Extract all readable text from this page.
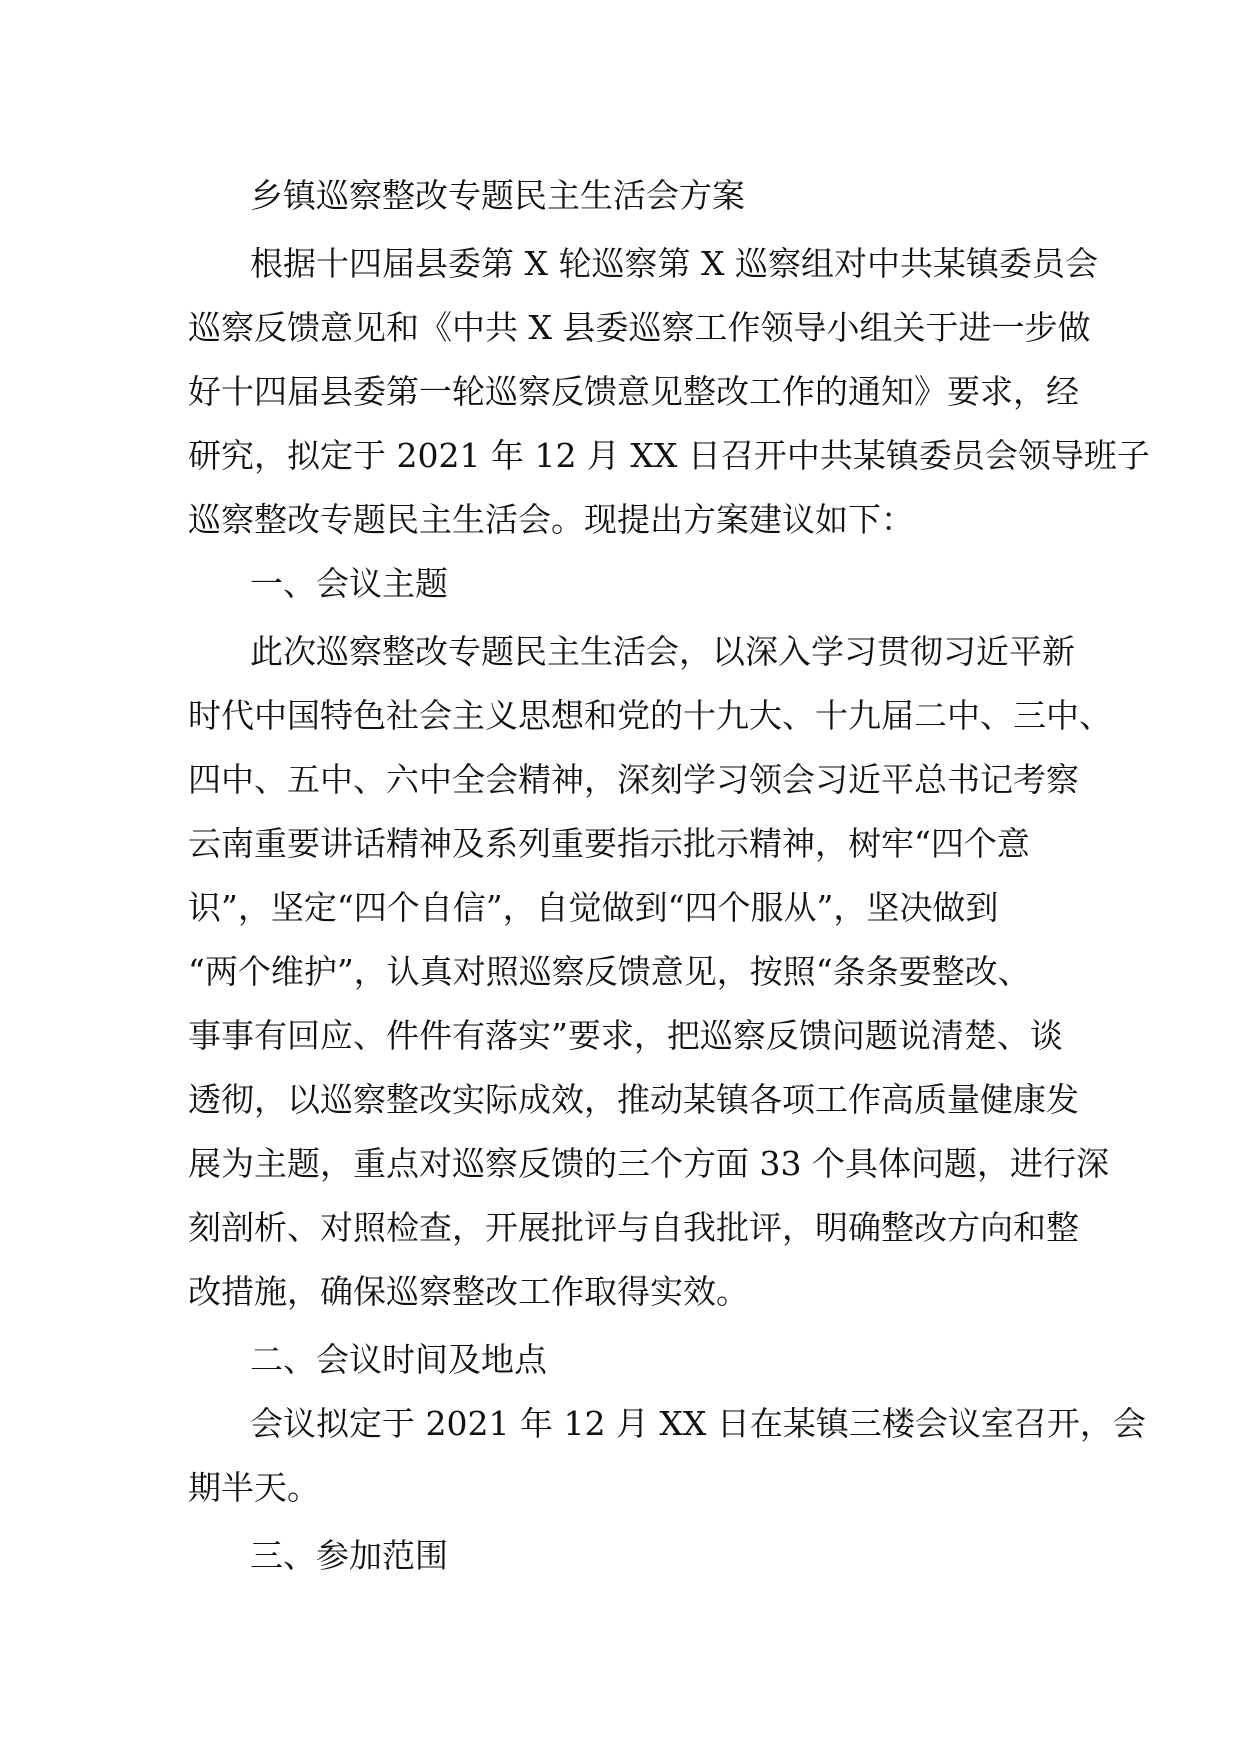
乡镇巡察整改专题民主生活会方案
根据十四届县委第 X 轮巡察第 X 巡察组对中共某镇委员会
巡察反馈意见和《中共 X 县委巡察工作领导小组关于进一步做
好十四届县委第一轮巡察反馈意见整改工作的通知》要求，经
研究，拟定于 2021 年 12 月 XX 日召开中共某镇委员会领导班子
巡察整改专题民主生活会。现提出方案建议如下：
一、会议主题
此次巡察整改专题民主生活会，以深入学习贯彻习近平新
时代中国特色社会主义思想和党的十九大、十九届二中、三中、
四中、五中、六中全会精神，深刻学习领会习近平总书记考察
云南重要讲话精神及系列重要指示批示精神，树牢“四个意
识”，坚定“四个自信”，自觉做到“四个服从”，坚决做到
“两个维护”，认真对照巡察反馈意见，按照“条条要整改、
事事有回应、件件有落实”要求，把巡察反馈问题说清楚、谈
透彻，以巡察整改实际成效，推动某镇各项工作高质量健康发
展为主题，重点对巡察反馈的三个方面 33 个具体问题，进行深
刻剖析、对照检查，开展批评与自我批评，明确整改方向和整
改措施，确保巡察整改工作取得实效。
二、会议时间及地点
会议拟定于 2021 年 12 月 XX 日在某镇三楼会议室召开，会
期半天。
三、参加范围
